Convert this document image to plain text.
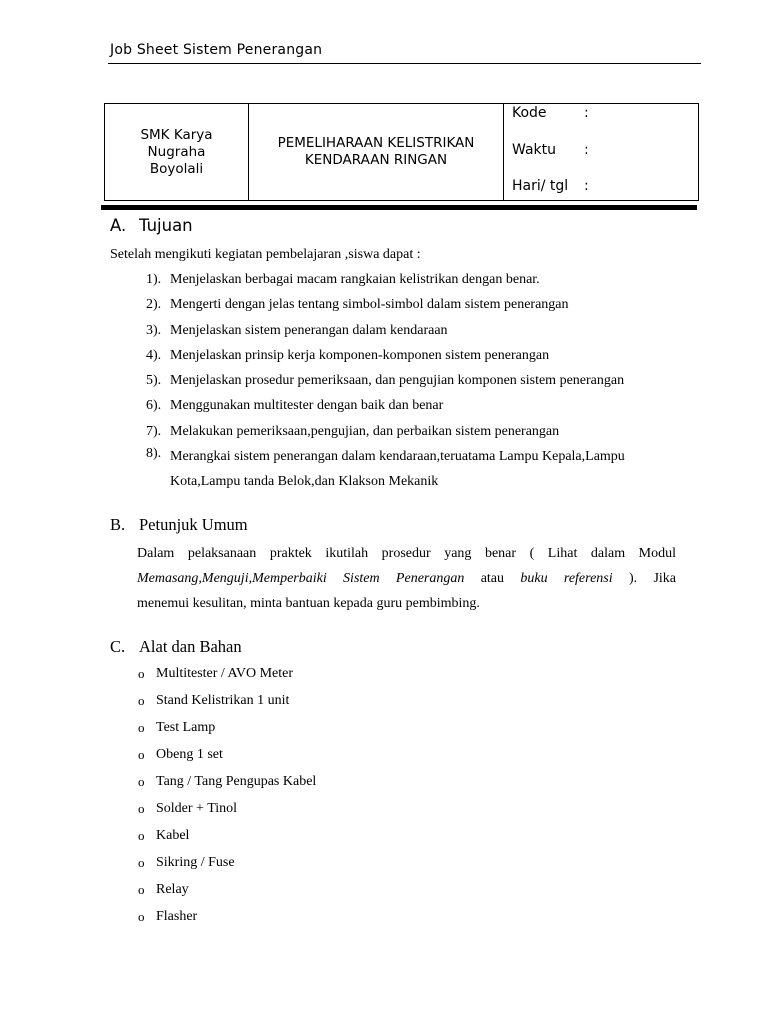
Job Sheet Sistem Penerangan
SMK Karya
Nugraha
Boyolali
PEMELIHARAAN KELISTRIKAN
KENDARAAN RINGAN
Kode	:
Waktu :
Hari/ tgl :
A. Tujuan
Setelah mengikuti kegiatan pembelajaran ,siswa dapat :
1). Menjelaskan berbagai macam rangkaian kelistrikan dengan benar.
2). Mengerti dengan jelas tentang simbol-simbol dalam sistem penerangan
3). Menjelaskan sistem penerangan dalam kendaraan
4). Menjelaskan prinsip kerja komponen-komponen sistem penerangan
5). Menjelaskan prosedur pemeriksaan, dan pengujian komponen sistem penerangan
6). Menggunakan multitester dengan baik dan benar
7). Melakukan pemeriksaan,pengujian, dan perbaikan sistem penerangan
8). Merangkai sistem penerangan dalam kendaraan,teruatama Lampu Kepala,Lampu Kota,Lampu tanda Belok,dan Klakson Mekanik
B. Petunjuk Umum
Dalam pelaksanaan praktek ikutilah prosedur yang benar ( Lihat dalam Modul
Memasang,Menguji,Memperbaiki Sistem Penerangan atau buku referensi ). Jika
menemui kesulitan, minta bantuan kepada guru pembimbing.
C. Alat dan Bahan
o Multitester / AVO Meter
o Stand Kelistrikan 1 unit
o Test Lamp
o Obeng 1 set
o Tang / Tang Pengupas Kabel
o Solder + Tinol
o Kabel
o Sikring / Fuse
o Relay
o Flasher
